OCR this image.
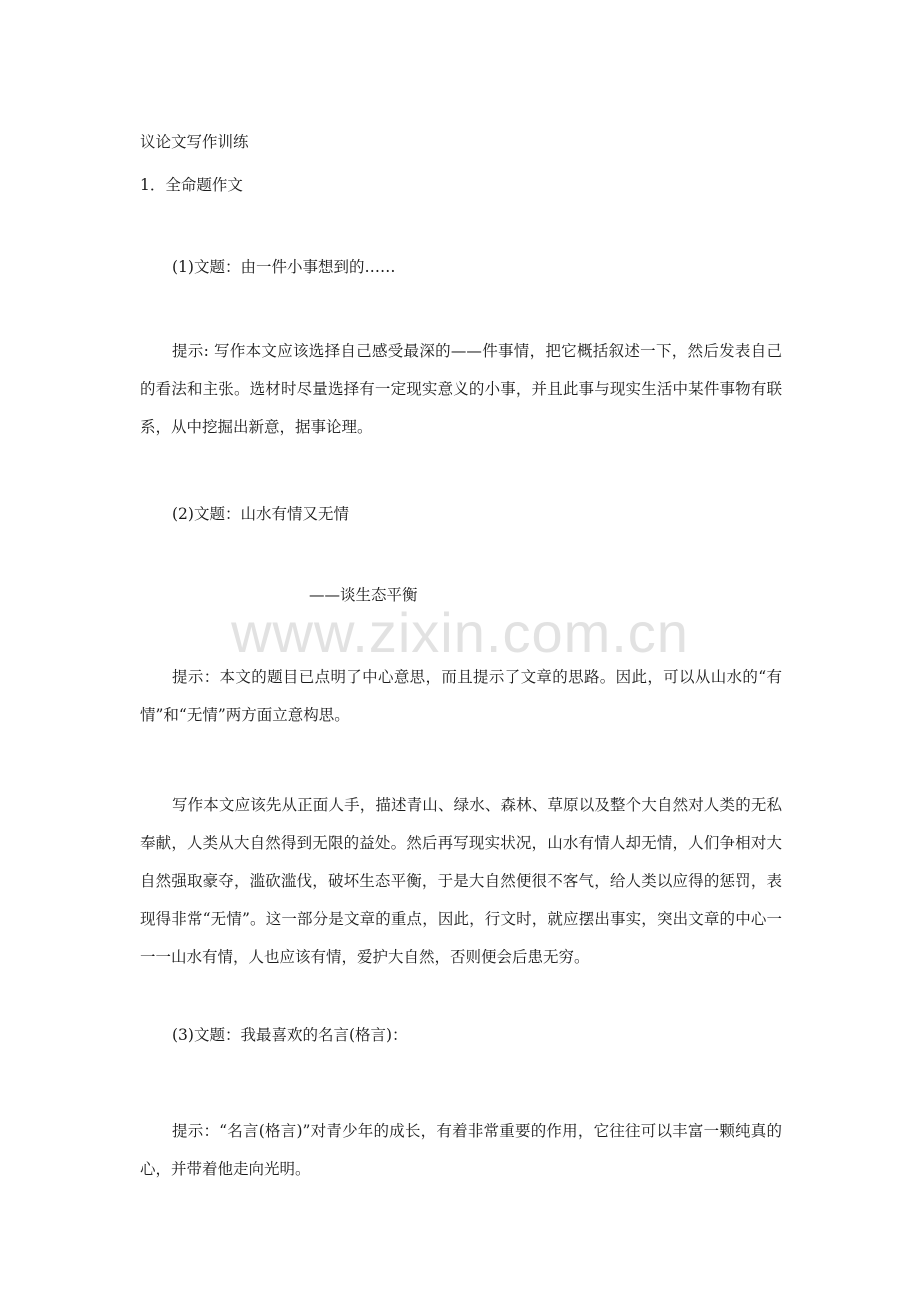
议论文写作训练
1．全命题作文
(1)文题：由一件小事想到的……
提示: 写作本文应该选择自己感受最深的——件事情，把它概括叙述一下，然后发表自己的看法和主张。选材时尽量选择有一定现实意义的小事，并且此事与现实生活中某件事物有联系，从中挖掘出新意，据事论理。
(2)文题：山水有情又无情
——谈生态平衡
提示：本文的题目已点明了中心意思，而且提示了文章的思路。因此，可以从山水的“有情”和“无情”两方面立意构思。
写作本文应该先从正面人手，描述青山、绿水、森林、草原以及整个大自然对人类的无私奉献，人类从大自然得到无限的益处。然后再写现实状况，山水有情人却无情，人们争相对大自然强取豪夺，滥砍滥伐，破坏生态平衡，于是大自然便很不客气，给人类以应得的惩罚，表现得非常“无情”。这一部分是文章的重点，因此，行文时，就应摆出事实，突出文章的中心一一一山水有情，人也应该有情，爱护大自然，否则便会后患无穷。
(3)文题：我最喜欢的名言(格言)：
提示：“名言(格言)”对青少年的成长，有着非常重要的作用，它往往可以丰富一颗纯真的心，并带着他走向光明。
www.zixin.com.cn
